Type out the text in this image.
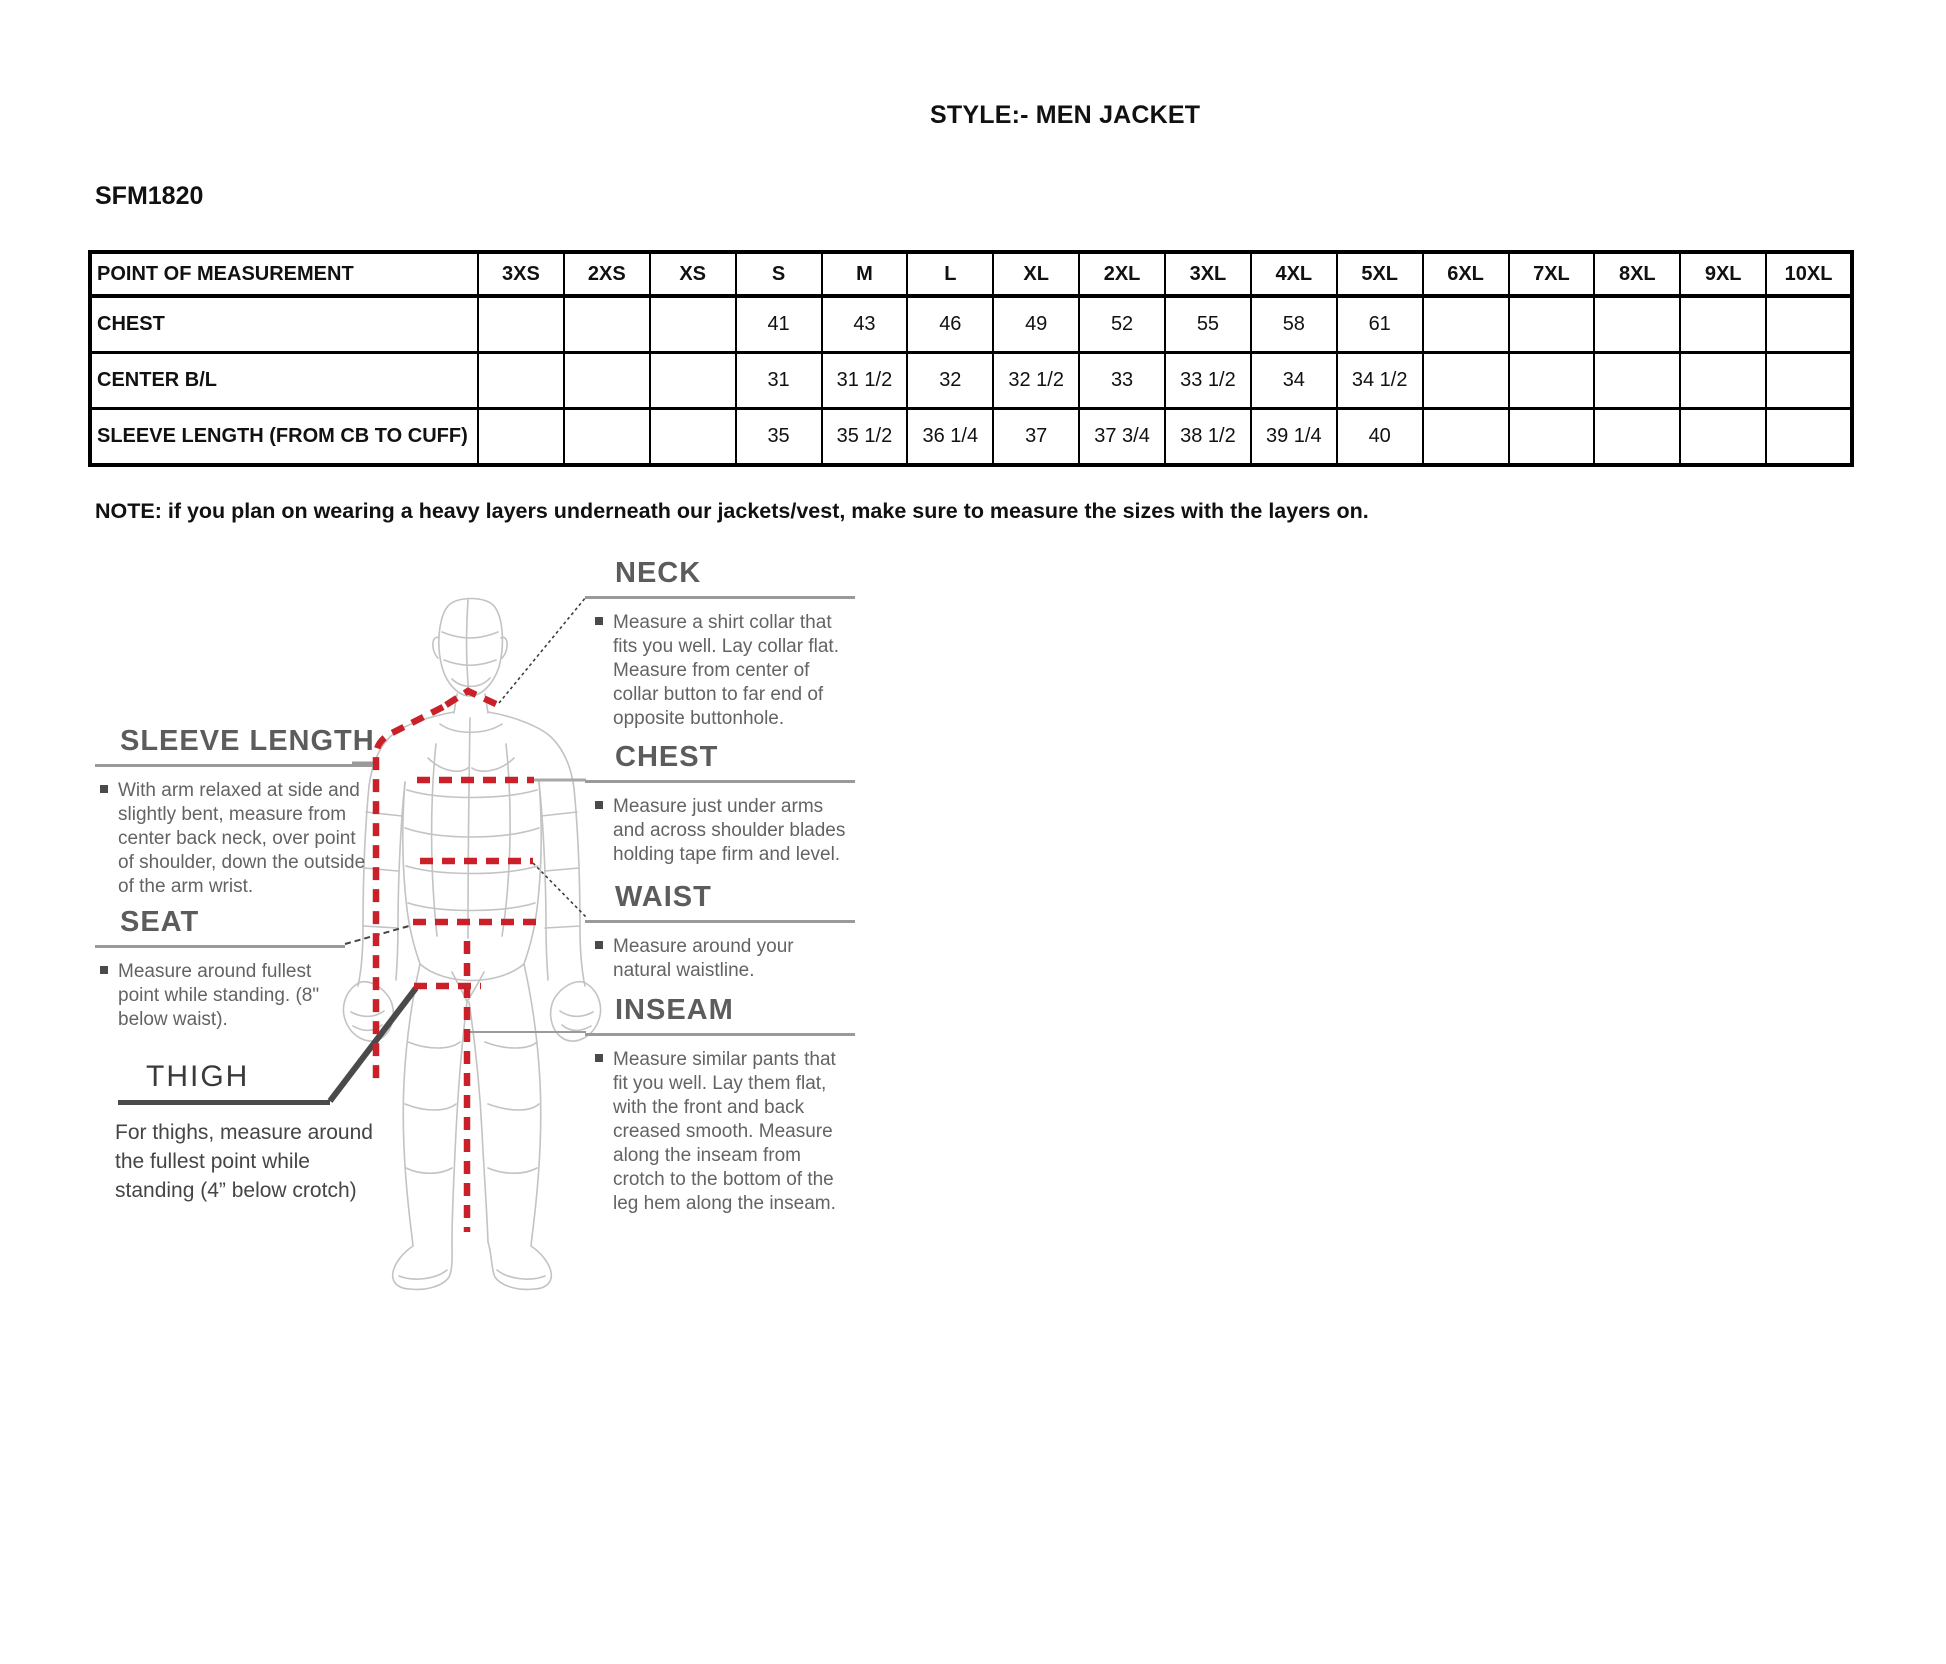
STYLE:- MEN JACKET
SFM1820
POINT OF MEASUREMENT	3XS	2XS	XS	S	M	L	XL	2XL	3XL	4XL	5XL	6XL	7XL	8XL	9XL	10XL
CHEST				41	43	46	49	52	55	58	61					
CENTER B/L				31	31 1/2	32	32 1/2	33	33 1/2	34	34 1/2					
SLEEVE LENGTH (FROM CB TO CUFF)				35	35 1/2	36 1/4	37	37 3/4	38 1/2	39 1/4	40					
NOTE: if you plan on wearing a heavy layers underneath our jackets/vest, make sure to measure the sizes with the layers on.
SLEEVE LENGTH

With arm relaxed at side and slightly bent, measure from center back neck, over point of shoulder, down the outside of the arm wrist.

SEAT

Measure around fullest point while standing. (8" below waist).

THIGH

For thighs, measure around the fullest point while standing (4” below crotch)

NECK

Measure a shirt collar that fits you well. Lay collar flat. Measure from center of collar button to far end of opposite buttonhole.

CHEST

Measure just under arms and across shoulder blades holding tape firm and level.

WAIST

Measure around your natural waistline.

INSEAM

Measure similar pants that fit you well. Lay them flat, with the front and back creased smooth. Measure along the inseam from crotch to the bottom of the leg hem along the inseam.
